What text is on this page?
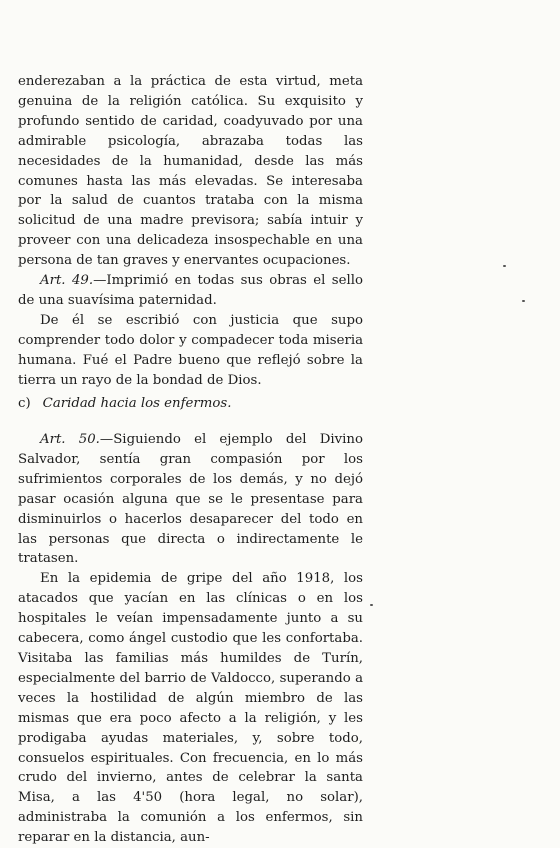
enderezaban a la práctica de esta virtud, meta genuina de la religión católica. Su exquisito y profundo sentido de caridad, coadyuvado por una admirable psicología, abrazaba todas las necesidades de la humanidad, desde las más comunes hasta las más elevadas. Se interesaba por la salud de cuantos trataba con la misma solicitud de una madre previsora; sabía intuir y proveer con una delicadeza insospechable en una persona de tan graves y enervantes ocupaciones.

Art. 49.—Imprimió en todas sus obras el sello de una suavísima paternidad.

De él se escribió con justicia que supo comprender todo dolor y compadecer toda miseria humana. Fué el Padre bueno que reflejó sobre la tierra un rayo de la bondad de Dios.

c) Caridad hacia los enfermos.

Art. 50.—Siguiendo el ejemplo del Divino Salvador, sentía gran compasión por los sufrimientos corporales de los demás, y no dejó pasar ocasión alguna que se le presentase para disminuirlos o hacerlos desaparecer del todo en las personas que directa o indirectamente le tratasen.

En la epidemia de gripe del año 1918, los atacados que yacían en las clínicas o en los hospitales le veían impensadamente junto a su cabecera, como ángel custodio que les confortaba. Visitaba las familias más humildes de Turín, especialmente del barrio de Valdocco, superando a veces la hostilidad de algún miembro de las mismas que era poco afecto a la religión, y les prodigaba ayudas materiales, y, sobre todo, consuelos espirituales. Con frecuencia, en lo más crudo del invierno, antes de celebrar la santa Misa, a las 4'50 (hora legal, no solar), administraba la comunión a los enfermos, sin reparar en la distancia, aun-
